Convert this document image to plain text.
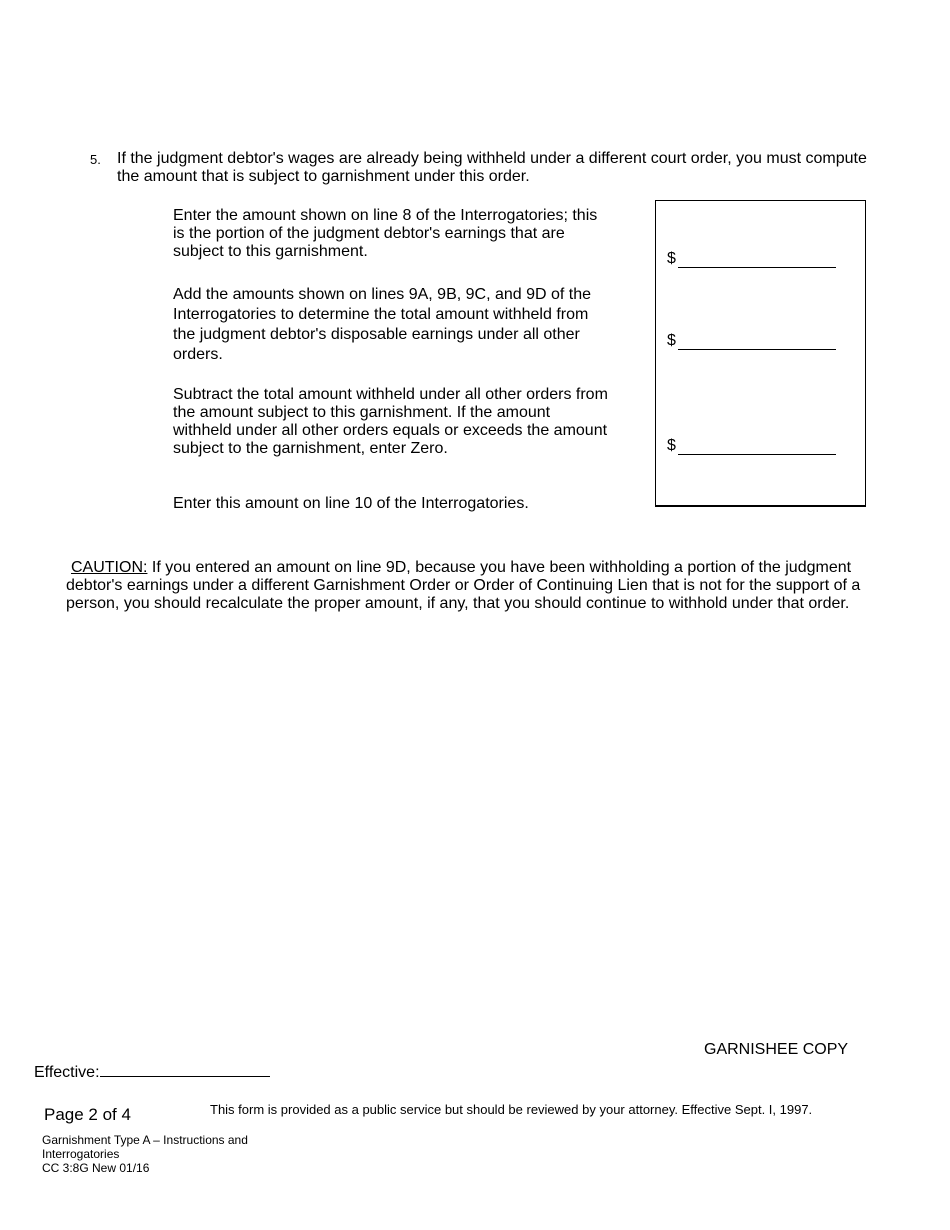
5. If the judgment debtor's wages are already being withheld under a different court order, you must compute the amount that is subject to garnishment under this order.
Enter the amount shown on line 8 of the Interrogatories; this is the portion of the judgment debtor's earnings that are subject to this garnishment.
Add the amounts shown on lines 9A, 9B, 9C, and 9D of the Interrogatories to determine the total amount withheld from the judgment debtor's disposable earnings under all other orders.
Subtract the total amount withheld under all other orders from the amount subject to this garnishment. If the amount withheld under all other orders equals or exceeds the amount subject to the garnishment, enter Zero.
Enter this amount on line 10 of the Interrogatories.
$
$
$
CAUTION: If you entered an amount on line 9D, because you have been withholding a portion of the judgment debtor's earnings under a different Garnishment Order or Order of Continuing Lien that is not for the support of a person, you should recalculate the proper amount, if any, that you should continue to withhold under that order.
GARNISHEE COPY
Effective:
Page 2 of 4	This form is provided as a public service but should be reviewed by your attorney. Effective Sept. I, 1997.
Garnishment Type A – Instructions and Interrogatories
CC 3:8G New 01/16
